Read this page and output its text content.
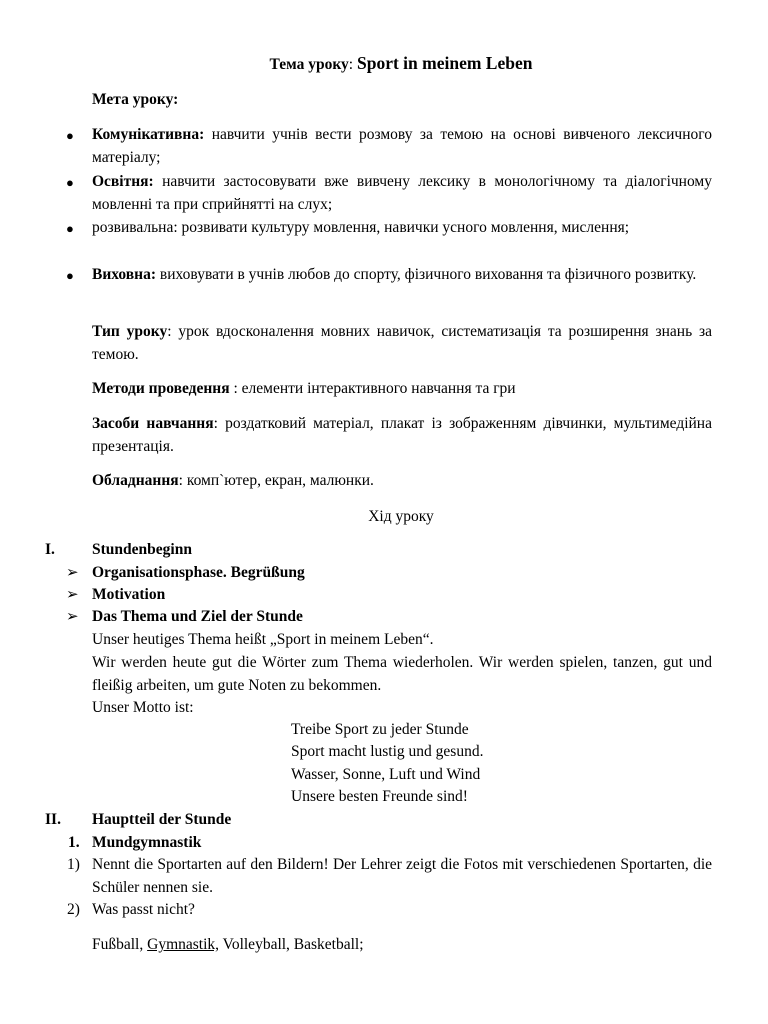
Тема уроку: Sport in meinem Leben
Мета уроку:
● Комунікативна: навчити учнів вести розмову за темою на основі вивченого лексичного матеріалу;
● Освітня: навчити застосовувати вже вивчену лексику в монологічному та діалогічному мовленні та при сприйнятті на слух;
● розвивальна: розвивати культуру мовлення, навички усного мовлення, мислення;
● Виховна: виховувати в учнів любов до спорту, фізичного виховання та фізичного розвитку.
Тип уроку: урок вдосконалення мовних навичок, систематизація та розширення знань за темою.
Методи проведення : елементи інтерактивного навчання та гри
Засоби навчання: роздатковий матеріал, плакат із зображенням дівчинки, мультимедійна презентація.
Обладнання: комп`ютер, екран, малюнки.
Хід уроку
I. Stundenbeginn
➢ Organisationsphase. Begrüßung
➢ Motivation
➢ Das Thema und Ziel der Stunde
Unser heutiges Thema heißt „Sport in meinem Leben“.
Wir werden heute gut die Wörter zum Thema wiederholen. Wir werden spielen, tanzen, gut und fleißig arbeiten, um gute Noten zu bekommen.
Unser Motto ist:
Treibe Sport zu jeder Stunde
Sport macht lustig und gesund.
Wasser, Sonne, Luft und Wind
Unsere besten Freunde sind!
II. Hauptteil der Stunde
1. Mundgymnastik
1) Nennt die Sportarten auf den Bildern! Der Lehrer zeigt die Fotos mit verschiedenen Sportarten, die Schüler nennen sie.
2) Was passt nicht?
Fußball, Gymnastik, Volleyball, Basketball;
